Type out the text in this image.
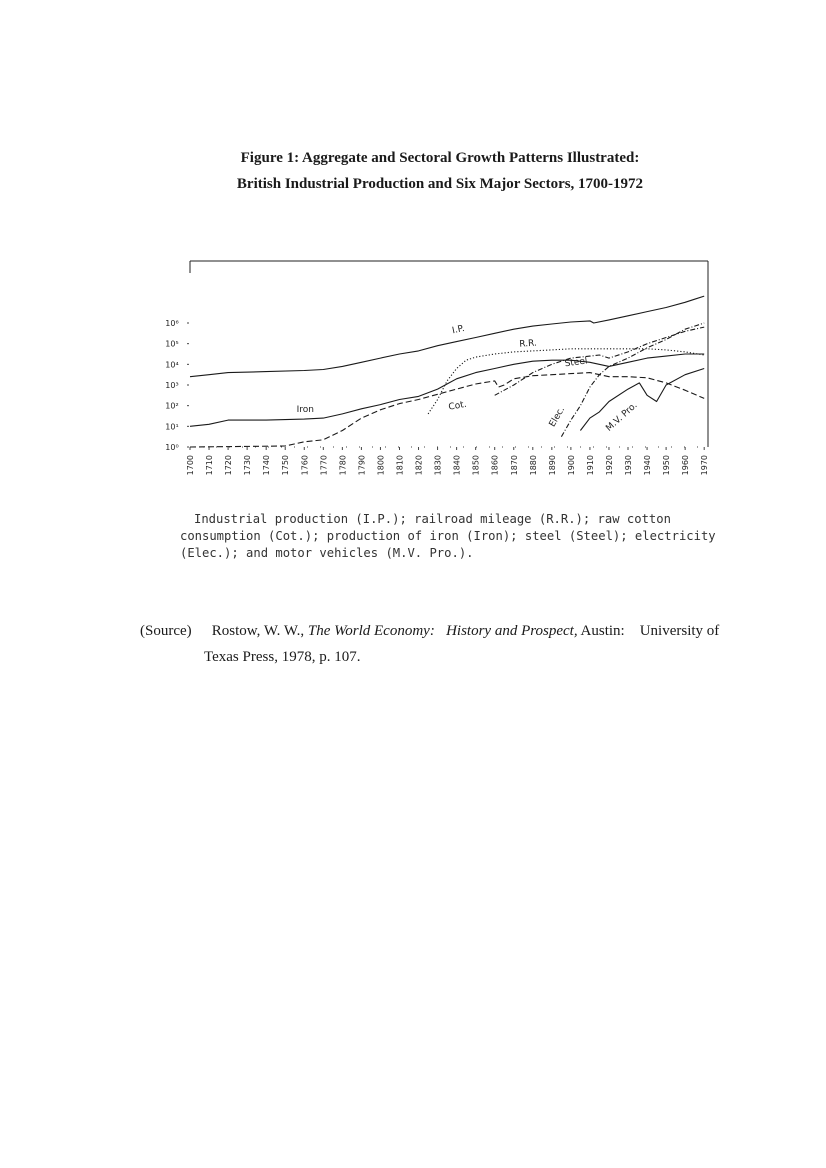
Figure 1: Aggregate and Sectoral Growth Patterns Illustrated:
British Industrial Production and Six Major Sectors, 1700-1972
10⁰
10¹
10²
10³
10⁴
10⁵
10⁶
1700 1710 1720 1730 1740 1750 1760 1770 1780 1790 1800 1810 1820 1830 1840 1850 1860 1870 1880 1890 1900 1910 1920 1930 1940 1950 1960 1970
I.P.
R.R.
Iron	Cot.
Steel
Elec.	M.V. Pro.
Industrial production (I.P.); railroad mileage (R.R.); raw cotton
consumption (Cot.); production of iron (Iron); steel (Steel); electricity
(Elec.); and motor vehicles (M.V. Pro.).
(Source) Rostow, W. W., The World Economy: History and Prospect, Austin: University of
Texas Press, 1978, p. 107.
